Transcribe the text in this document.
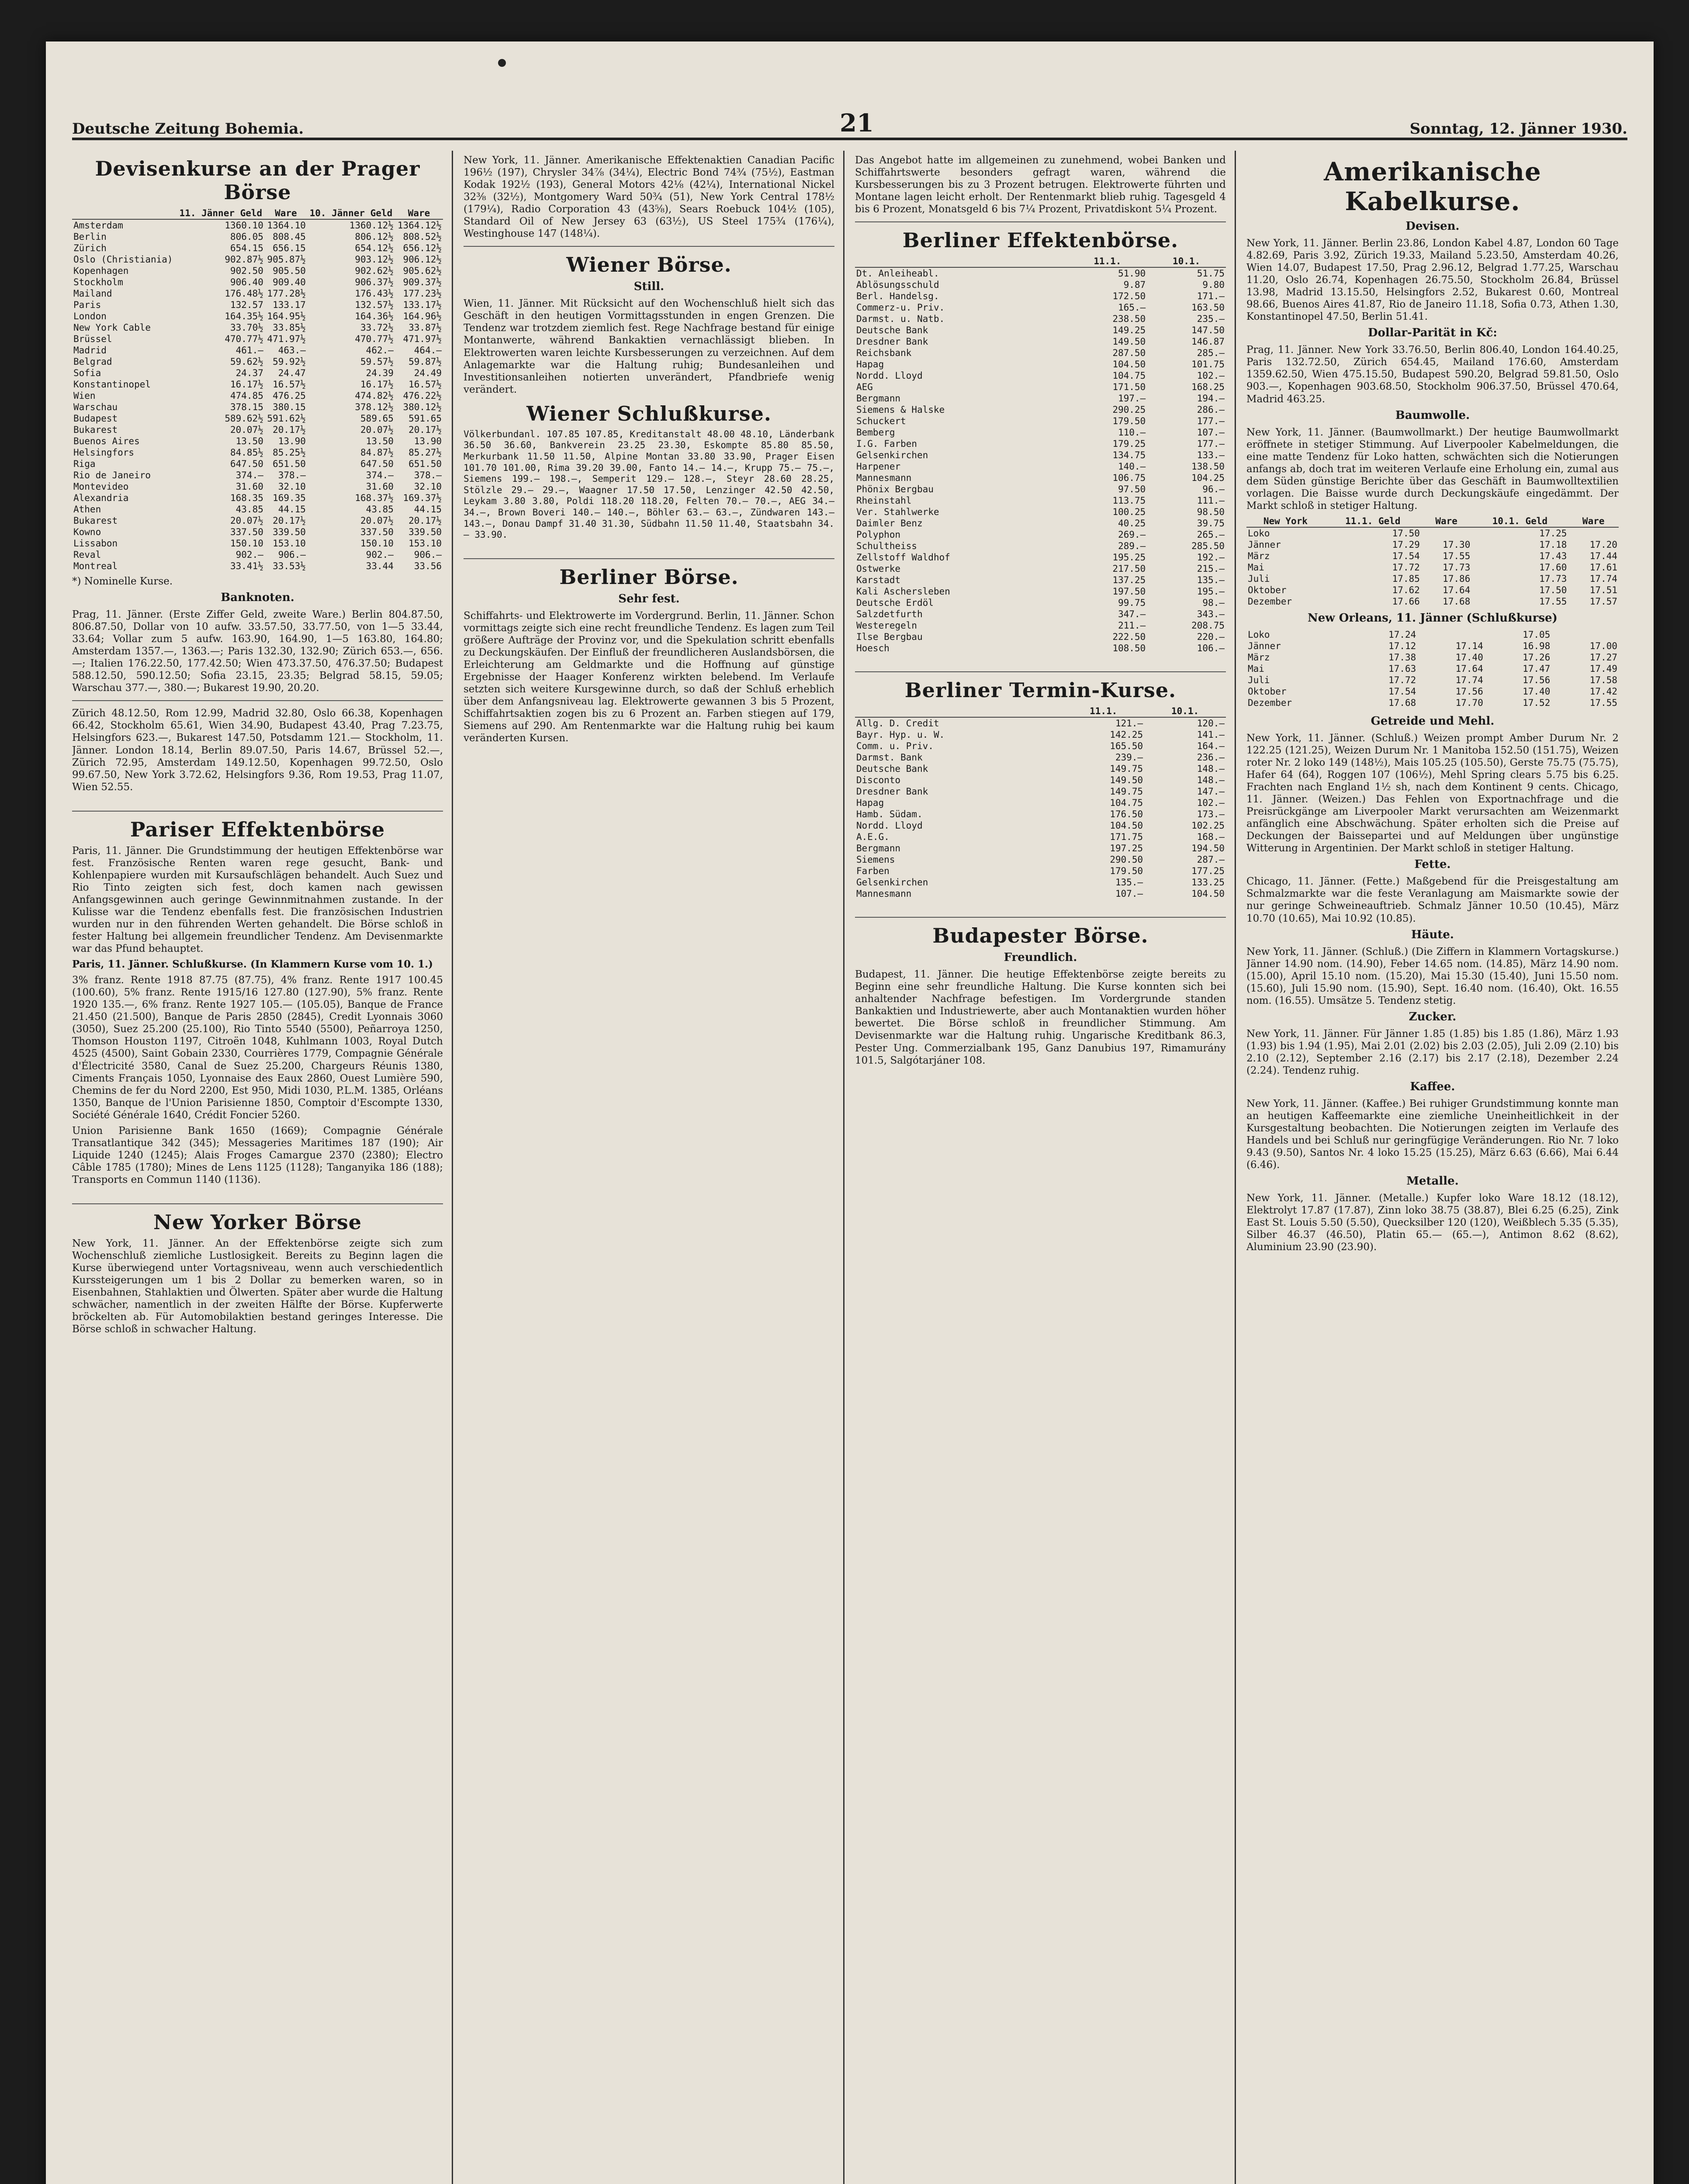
Deutsche Zeitung Bohemia.	21	Sonntag, 12. Jänner 1930.
Devisenkurse an der Prager Börse
	11. Jänner Geld	Ware	10. Jänner Geld	Ware
Amsterdam	1360.10	1364.10	1360.12½	1364.12½
Berlin	806.05	808.45	806.12½	808.52½
Zürich	654.15	656.15	654.12½	656.12½
Oslo (Christiania)	902.87½	905.87½	903.12½	906.12½
Kopenhagen	902.50	905.50	902.62½	905.62½
Stockholm	906.40	909.40	906.37½	909.37½
Mailand	176.48½	177.28½	176.43½	177.23½
Paris	132.57	133.17	132.57½	133.17½
London	164.35½	164.95½	164.36½	164.96½
New York Cable	33.70½	33.85½	33.72½	33.87½
Brüssel	470.77½	471.97½	470.77½	471.97½
Madrid	461.—	463.—	462.—	464.—
Belgrad	59.62½	59.92½	59.57½	59.87½
Sofia	24.37	24.47	24.39	24.49
Konstantinopel	16.17½	16.57½	16.17½	16.57½
Wien	474.85	476.25	474.82½	476.22½
Warschau	378.15	380.15	378.12½	380.12½
Budapest	589.62½	591.62½	589.65	591.65
Bukarest	20.07½	20.17½	20.07½	20.17½
Buenos Aires	13.50	13.90	13.50	13.90
Helsingfors	84.85½	85.25½	84.87½	85.27½
Riga	647.50	651.50	647.50	651.50
Rio de Janeiro	374.—	378.—	374.—	378.—
Montevideo	31.60	32.10	31.60	32.10
Alexandria	168.35	169.35	168.37½	169.37½
Athen	43.85	44.15	43.85	44.15
Bukarest	20.07½	20.17½	20.07½	20.17½
Kowno	337.50	339.50	337.50	339.50
Lissabon	150.10	153.10	150.10	153.10
Reval	902.—	906.—	902.—	906.—
Montreal	33.41½	33.53½	33.44	33.56
*) Nominelle Kurse.
Banknoten.
Prag, 11. Jänner. (Erste Ziffer Geld, zweite Ware.) Berlin 804.87.50, 806.87.50, Dollar von 10 aufw. 33.57.50, 33.77.50, von 1—5 33.44, 33.64; Vollar zum 5 aufw. 163.90, 164.90, 1—5 163.80, 164.80; Amsterdam 1357.—, 1363.—; Paris 132.30, 132.90; Zürich 653.—, 656.—; Italien 176.22.50, 177.42.50; Wien 473.37.50, 476.37.50; Budapest 588.12.50, 590.12.50; Sofia 23.15, 23.35; Belgrad 58.15, 59.05; Warschau 377.—, 380.—; Bukarest 19.90, 20.20.
Zürich 48.12.50, Rom 12.99, Madrid 32.80, Oslo 66.38, Kopenhagen 66.42, Stockholm 65.61, Wien 34.90, Budapest 43.40, Prag 7.23.75, Helsingfors 623.—, Bukarest 147.50, Potsdamm 121.— Stockholm, 11. Jänner. London 18.14, Berlin 89.07.50, Paris 14.67, Brüssel 52.—, Zürich 72.95, Amsterdam 149.12.50, Kopenhagen 99.72.50, Oslo 99.67.50, New York 3.72.62, Helsingfors 9.36, Rom 19.53, Prag 11.07, Wien 52.55.
Pariser Effektenbörse
Paris, 11. Jänner. Die Grundstimmung der heutigen Effektenbörse war fest. Französische Renten waren rege gesucht, Bank- und Kohlenpapiere wurden mit Kursaufschlägen behandelt. Auch Suez und Rio Tinto zeigten sich fest, doch kamen nach gewissen Anfangsgewinnen auch geringe Gewinnmitnahmen zustande. In der Kulisse war die Tendenz ebenfalls fest. Die französischen Industrien wurden nur in den führenden Werten gehandelt. Die Börse schloß in fester Haltung bei allgemein freundlicher Tendenz. Am Devisenmarkte war das Pfund behauptet.
Paris, 11. Jänner. Schlußkurse. (In Klammern Kurse vom 10. 1.)
3% franz. Rente 1918 87.75 (87.75), 4% franz. Rente 1917 100.45 (100.60), 5% franz. Rente 1915/16 127.80 (127.90), 5% franz. Rente 1920 135.—, 6% franz. Rente 1927 105.— (105.05), Banque de France 21.450 (21.500), Banque de Paris 2850 (2845), Credit Lyonnais 3060 (3050), Suez 25.200 (25.100), Rio Tinto 5540 (5500), Peñarroya 1250, Thomson Houston 1197, Citroën 1048, Kuhlmann 1003, Royal Dutch 4525 (4500), Saint Gobain 2330, Courrières 1779, Compagnie Générale d'Électricité 3580, Canal de Suez 25.200, Chargeurs Réunis 1380, Ciments Français 1050, Lyonnaise des Eaux 2860, Ouest Lumière 590, Chemins de fer du Nord 2200, Est 950, Midi 1030, P.L.M. 1385, Orléans 1350, Banque de l'Union Parisienne 1850, Comptoir d'Escompte 1330, Société Générale 1640, Crédit Foncier 5260.
Union Parisienne Bank 1650 (1669); Compagnie Générale Transatlantique 342 (345); Messageries Maritimes 187 (190); Air Liquide 1240 (1245); Alais Froges Camargue 2370 (2380); Electro Câble 1785 (1780); Mines de Lens 1125 (1128); Tanganyika 186 (188); Transports en Commun 1140 (1136).
New Yorker Börse
New York, 11. Jänner. An der Effektenbörse zeigte sich zum Wochenschluß ziemliche Lustlosigkeit. Bereits zu Beginn lagen die Kurse überwiegend unter Vortagsniveau, wenn auch verschiedentlich Kurssteigerungen um 1 bis 2 Dollar zu bemerken waren, so in Eisenbahnen, Stahlaktien und Ölwerten. Später aber wurde die Haltung schwächer, namentlich in der zweiten Hälfte der Börse. Kupferwerte bröckelten ab. Für Automobilaktien bestand geringes Interesse. Die Börse schloß in schwacher Haltung.
New York, 11. Jänner. Amerikanische Effektenaktien Canadian Pacific 196½ (197), Chrysler 34⅞ (34¼), Electric Bond 74¾ (75½), Eastman Kodak 192½ (193), General Motors 42⅛ (42¼), International Nickel 32⅜ (32½), Montgomery Ward 50¾ (51), New York Central 178½ (179¼), Radio Corporation 43 (43⅝), Sears Roebuck 104½ (105), Standard Oil of New Jersey 63 (63½), US Steel 175¾ (176¼), Westinghouse 147 (148¼).
Wiener Börse.
Still.
Wien, 11. Jänner. Mit Rücksicht auf den Wochenschluß hielt sich das Geschäft in den heutigen Vormittagsstunden in engen Grenzen. Die Tendenz war trotzdem ziemlich fest. Rege Nachfrage bestand für einige Montanwerte, während Bankaktien vernachlässigt blieben. In Elektrowerten waren leichte Kursbesserungen zu verzeichnen. Auf dem Anlagemarkte war die Haltung ruhig; Bundesanleihen und Investitionsanleihen notierten unverändert, Pfandbriefe wenig verändert.
Wiener Schlußkurse.
Völkerbundanl. 107.85 107.85, Kreditanstalt 48.00 48.10, Länderbank 36.50 36.60, Bankverein 23.25 23.30, Eskompte 85.80 85.50, Merkurbank 11.50 11.50, Alpine Montan 33.80 33.90, Prager Eisen 101.70 101.00, Rima 39.20 39.00, Fanto 14.— 14.—, Krupp 75.— 75.—, Siemens 199.— 198.—, Semperit 129.— 128.—, Steyr 28.60 28.25, Stölzle 29.— 29.—, Waagner 17.50 17.50, Lenzinger 42.50 42.50, Leykam 3.80 3.80, Poldi 118.20 118.20, Felten 70.— 70.—, AEG 34.— 34.—, Brown Boveri 140.— 140.—, Böhler 63.— 63.—, Zündwaren 143.— 143.—, Donau Dampf 31.40 31.30, Südbahn 11.50 11.40, Staatsbahn 34.— 33.90.
Berliner Börse.
Sehr fest.
Schiffahrts- und Elektrowerte im Vordergrund. Berlin, 11. Jänner. Schon vormittags zeigte sich eine recht freundliche Tendenz. Es lagen zum Teil größere Aufträge der Provinz vor, und die Spekulation schritt ebenfalls zu Deckungskäufen. Der Einfluß der freundlicheren Auslandsbörsen, die Erleichterung am Geldmarkte und die Hoffnung auf günstige Ergebnisse der Haager Konferenz wirkten belebend. Im Verlaufe setzten sich weitere Kursgewinne durch, so daß der Schluß erheblich über dem Anfangsniveau lag. Elektrowerte gewannen 3 bis 5 Prozent, Schiffahrtsaktien zogen bis zu 6 Prozent an. Farben stiegen auf 179, Siemens auf 290. Am Rentenmarkte war die Haltung ruhig bei kaum veränderten Kursen.
Das Angebot hatte im allgemeinen zu zunehmend, wobei Banken und Schiffahrtswerte besonders gefragt waren, während die Kursbesserungen bis zu 3 Prozent betrugen. Elektrowerte führten und Montane lagen leicht erholt. Der Rentenmarkt blieb ruhig. Tagesgeld 4 bis 6 Prozent, Monatsgeld 6 bis 7¼ Prozent, Privatdiskont 5¼ Prozent.
Berliner Effektenbörse.
	11.1.	10.1.
Dt. Anleiheabl.	51.90	51.75
Ablösungsschuld	9.87	9.80
Berl. Handelsg.	172.50	171.—
Commerz-u. Priv.	165.—	163.50
Darmst. u. Natb.	238.50	235.—
Deutsche Bank	149.25	147.50
Dresdner Bank	149.50	146.87
Reichsbank	287.50	285.—
Hapag	104.50	101.75
Nordd. Lloyd	104.75	102.—
AEG	171.50	168.25
Bergmann	197.—	194.—
Siemens & Halske	290.25	286.—
Schuckert	179.50	177.—
Bemberg	110.—	107.—
I.G. Farben	179.25	177.—
Gelsenkirchen	134.75	133.—
Harpener	140.—	138.50
Mannesmann	106.75	104.25
Phönix Bergbau	97.50	96.—
Rheinstahl	113.75	111.—
Ver. Stahlwerke	100.25	98.50
Daimler Benz	40.25	39.75
Polyphon	269.—	265.—
Schultheiss	289.—	285.50
Zellstoff Waldhof	195.25	192.—
Ostwerke	217.50	215.—
Karstadt	137.25	135.—
Kali Aschersleben	197.50	195.—
Deutsche Erdöl	99.75	98.—
Salzdetfurth	347.—	343.—
Westeregeln	211.—	208.75
Ilse Bergbau	222.50	220.—
Hoesch	108.50	106.—
Berliner Termin-Kurse.
	11.1.	10.1.
Allg. D. Credit	121.—	120.—
Bayr. Hyp. u. W.	142.25	141.—
Comm. u. Priv.	165.50	164.—
Darmst. Bank	239.—	236.—
Deutsche Bank	149.75	148.—
Disconto	149.50	148.—
Dresdner Bank	149.75	147.—
Hapag	104.75	102.—
Hamb. Südam.	176.50	173.—
Nordd. Lloyd	104.50	102.25
A.E.G.	171.75	168.—
Bergmann	197.25	194.50
Siemens	290.50	287.—
Farben	179.50	177.25
Gelsenkirchen	135.—	133.25
Mannesmann	107.—	104.50
Budapester Börse.
Freundlich.
Budapest, 11. Jänner. Die heutige Effektenbörse zeigte bereits zu Beginn eine sehr freundliche Haltung. Die Kurse konnten sich bei anhaltender Nachfrage befestigen. Im Vordergrunde standen Bankaktien und Industriewerte, aber auch Montanaktien wurden höher bewertet. Die Börse schloß in freundlicher Stimmung. Am Devisenmarkte war die Haltung ruhig. Ungarische Kreditbank 86.3, Pester Ung. Commerzialbank 195, Ganz Danubius 197, Rimamurány 101.5, Salgótarjáner 108.
Amerikanische Kabelkurse.
Devisen.
New York, 11. Jänner. Berlin 23.86, London Kabel 4.87, London 60 Tage 4.82.69, Paris 3.92, Zürich 19.33, Mailand 5.23.50, Amsterdam 40.26, Wien 14.07, Budapest 17.50, Prag 2.96.12, Belgrad 1.77.25, Warschau 11.20, Oslo 26.74, Kopenhagen 26.75.50, Stockholm 26.84, Brüssel 13.98, Madrid 13.15.50, Helsingfors 2.52, Bukarest 0.60, Montreal 98.66, Buenos Aires 41.87, Rio de Janeiro 11.18, Sofia 0.73, Athen 1.30, Konstantinopel 47.50, Berlin 51.41.
Dollar-Parität in Kč:
Prag, 11. Jänner. New York 33.76.50, Berlin 806.40, London 164.40.25, Paris 132.72.50, Zürich 654.45, Mailand 176.60, Amsterdam 1359.62.50, Wien 475.15.50, Budapest 590.20, Belgrad 59.81.50, Oslo 903.—, Kopenhagen 903.68.50, Stockholm 906.37.50, Brüssel 470.64, Madrid 463.25.
Baumwolle.
New York, 11. Jänner. (Baumwollmarkt.) Der heutige Baumwollmarkt eröffnete in stetiger Stimmung. Auf Liverpooler Kabelmeldungen, die eine matte Tendenz für Loko hatten, schwächten sich die Notierungen anfangs ab, doch trat im weiteren Verlaufe eine Erholung ein, zumal aus dem Süden günstige Berichte über das Geschäft in Baumwolltextilien vorlagen. Die Baisse wurde durch Deckungskäufe eingedämmt. Der Markt schloß in stetiger Haltung.
New York	11.1. Geld	Ware	10.1. Geld	Ware
Loko	17.50		17.25	
Jänner	17.29	17.30	17.18	17.20
März	17.54	17.55	17.43	17.44
Mai	17.72	17.73	17.60	17.61
Juli	17.85	17.86	17.73	17.74
Oktober	17.62	17.64	17.50	17.51
Dezember	17.66	17.68	17.55	17.57
New Orleans, 11. Jänner (Schlußkurse)
Loko	17.24		17.05	
Jänner	17.12	17.14	16.98	17.00
März	17.38	17.40	17.26	17.27
Mai	17.63	17.64	17.47	17.49
Juli	17.72	17.74	17.56	17.58
Oktober	17.54	17.56	17.40	17.42
Dezember	17.68	17.70	17.52	17.55
Getreide und Mehl.
New York, 11. Jänner. (Schluß.) Weizen prompt Amber Durum Nr. 2 122.25 (121.25), Weizen Durum Nr. 1 Manitoba 152.50 (151.75), Weizen roter Nr. 2 loko 149 (148½), Mais 105.25 (105.50), Gerste 75.75 (75.75), Hafer 64 (64), Roggen 107 (106½), Mehl Spring clears 5.75 bis 6.25. Frachten nach England 1½ sh, nach dem Kontinent 9 cents. Chicago, 11. Jänner. (Weizen.) Das Fehlen von Exportnachfrage und die Preisrückgänge am Liverpooler Markt verursachten am Weizenmarkt anfänglich eine Abschwächung. Später erholten sich die Preise auf Deckungen der Baissepartei und auf Meldungen über ungünstige Witterung in Argentinien. Der Markt schloß in stetiger Haltung.
Fette.
Chicago, 11. Jänner. (Fette.) Maßgebend für die Preisgestaltung am Schmalzmarkte war die feste Veranlagung am Maismarkte sowie der nur geringe Schweineauftrieb. Schmalz Jänner 10.50 (10.45), März 10.70 (10.65), Mai 10.92 (10.85).
Häute.
New York, 11. Jänner. (Schluß.) (Die Ziffern in Klammern Vortagskurse.) Jänner 14.90 nom. (14.90), Feber 14.65 nom. (14.85), März 14.90 nom. (15.00), April 15.10 nom. (15.20), Mai 15.30 (15.40), Juni 15.50 nom. (15.60), Juli 15.90 nom. (15.90), Sept. 16.40 nom. (16.40), Okt. 16.55 nom. (16.55). Umsätze 5. Tendenz stetig.
Zucker.
New York, 11. Jänner. Für Jänner 1.85 (1.85) bis 1.85 (1.86), März 1.93 (1.93) bis 1.94 (1.95), Mai 2.01 (2.02) bis 2.03 (2.05), Juli 2.09 (2.10) bis 2.10 (2.12), September 2.16 (2.17) bis 2.17 (2.18), Dezember 2.24 (2.24). Tendenz ruhig.
Kaffee.
New York, 11. Jänner. (Kaffee.) Bei ruhiger Grundstimmung konnte man an heutigen Kaffeemarkte eine ziemliche Uneinheitlichkeit in der Kursgestaltung beobachten. Die Notierungen zeigten im Verlaufe des Handels und bei Schluß nur geringfügige Veränderungen. Rio Nr. 7 loko 9.43 (9.50), Santos Nr. 4 loko 15.25 (15.25), März 6.63 (6.66), Mai 6.44 (6.46).
Metalle.
New York, 11. Jänner. (Metalle.) Kupfer loko Ware 18.12 (18.12), Elektrolyt 17.87 (17.87), Zinn loko 38.75 (38.87), Blei 6.25 (6.25), Zink East St. Louis 5.50 (5.50), Quecksilber 120 (120), Weißblech 5.35 (5.35), Silber 46.37 (46.50), Platin 65.— (65.—), Antimon 8.62 (8.62), Aluminium 23.90 (23.90).
